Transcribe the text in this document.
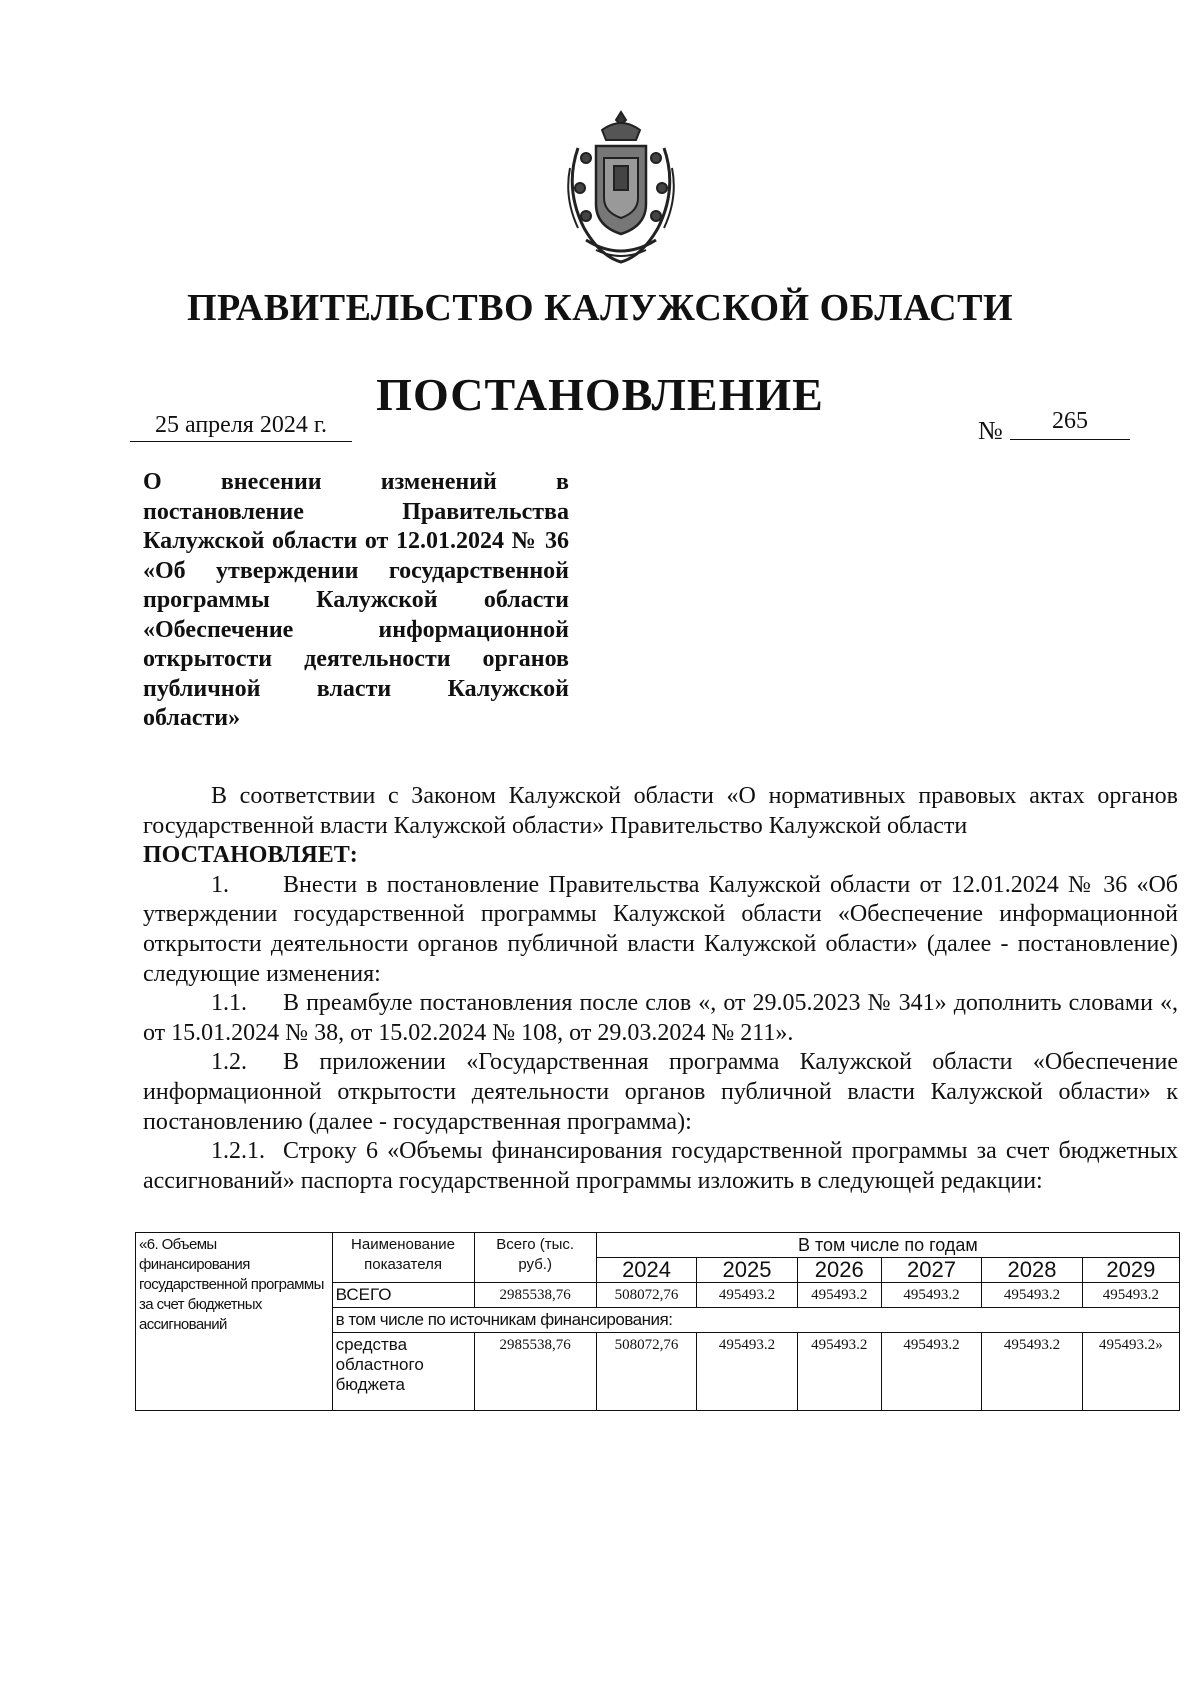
ПРАВИТЕЛЬСТВО КАЛУЖСКОЙ ОБЛАСТИ
ПОСТАНОВЛЕНИЕ
25 апреля 2024 г.	№	265
О внесении изменений в постановление Правительства Калужской области от 12.01.2024 № 36 «Об утверждении государственной программы Калужской области «Обеспечение информационной открытости деятельности органов публичной власти Калужской области»

В соответствии с Законом Калужской области «О нормативных правовых актах органов государственной власти Калужской области» Правительство Калужской области

ПОСТАНОВЛЯЕТ:

1. Внести в постановление Правительства Калужской области от 12.01.2024 № 36 «Об утверждении государственной программы Калужской области «Обеспечение информационной открытости деятельности органов публичной власти Калужской области» (далее - постановление) следующие изменения:

1.1. В преамбуле постановления после слов «, от 29.05.2023 № 341» дополнить словами «, от 15.01.2024 № 38, от 15.02.2024 № 108, от 29.03.2024 № 211».

1.2. В приложении «Государственная программа Калужской области «Обеспечение информационной открытости деятельности органов публичной власти Калужской области» к постановлению (далее - государственная программа):

1.2.1. Строку 6 «Объемы финансирования государственной программы за счет бюджетных ассигнований» паспорта государственной программы изложить в следующей редакции:

«6. Объемы финансирования государственной программы за счет бюджетных ассигнований	Наименование показателя	Всего (тыс. руб.)	В том числе по годам					
			2024	2025	2026	2027	2028	2029
	ВСЕГО	2985538,76	508072,76	495493.2	495493.2	495493.2	495493.2	495493.2
	в том числе по источникам финансирования:							
	средства областного бюджета	2985538,76	508072,76	495493.2	495493.2	495493.2	495493.2	495493.2»
